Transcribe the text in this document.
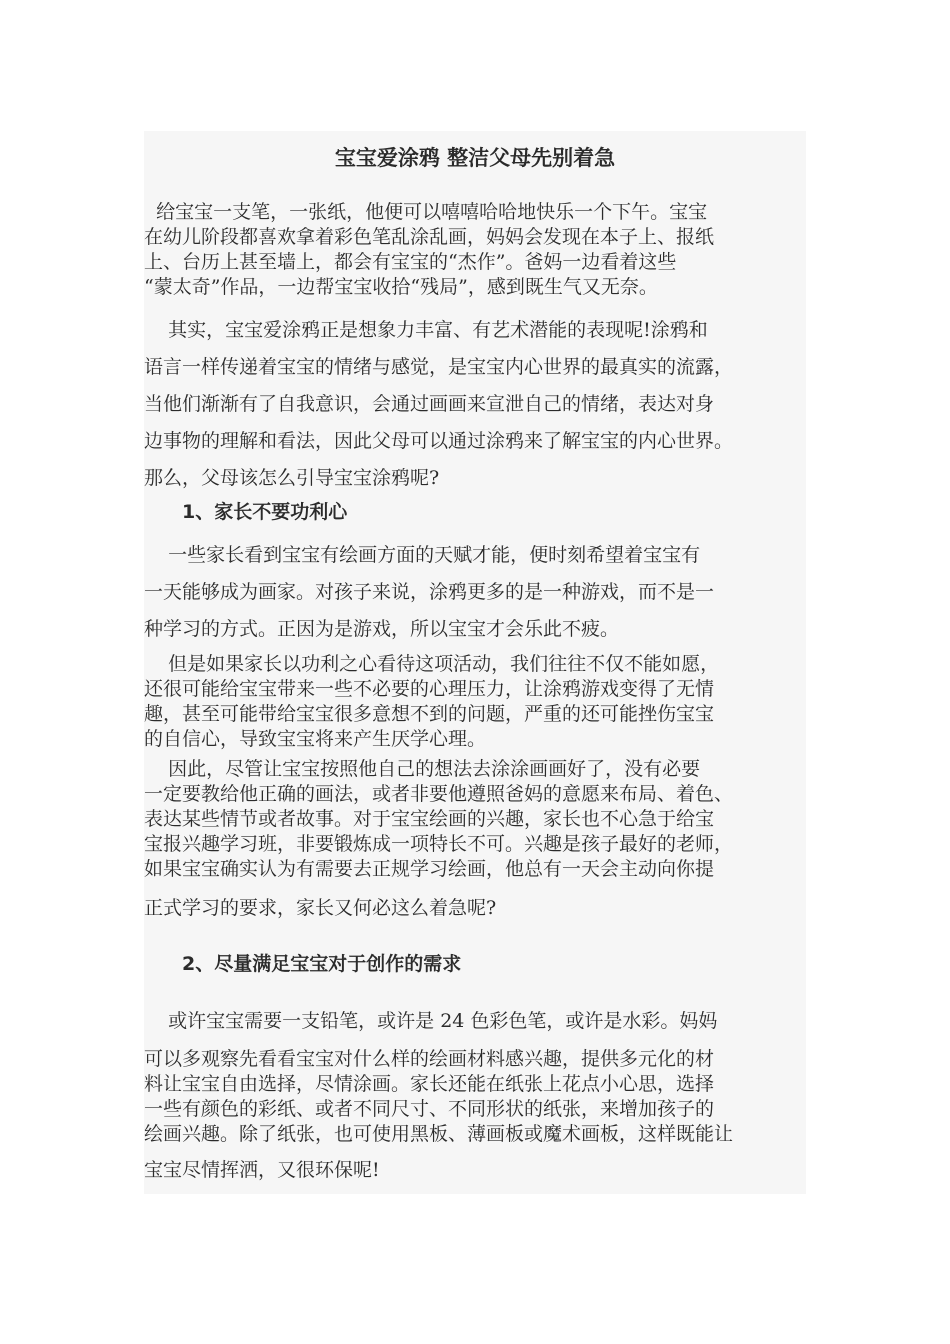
宝宝爱涂鸦 整洁父母先别着急
给宝宝一支笔，一张纸，他便可以嘻嘻哈哈地快乐一个下午。宝宝
在幼儿阶段都喜欢拿着彩色笔乱涂乱画，妈妈会发现在本子上、报纸
上、台历上甚至墙上，都会有宝宝的“杰作”。爸妈一边看着这些
“蒙太奇”作品，一边帮宝宝收拾“残局”，感到既生气又无奈。
其实，宝宝爱涂鸦正是想象力丰富、有艺术潜能的表现呢!涂鸦和
语言一样传递着宝宝的情绪与感觉，是宝宝内心世界的最真实的流露，
当他们渐渐有了自我意识，会通过画画来宣泄自己的情绪，表达对身
边事物的理解和看法，因此父母可以通过涂鸦来了解宝宝的内心世界。
那么，父母该怎么引导宝宝涂鸦呢?
1、家长不要功利心
一些家长看到宝宝有绘画方面的天赋才能，便时刻希望着宝宝有
一天能够成为画家。对孩子来说，涂鸦更多的是一种游戏，而不是一
种学习的方式。正因为是游戏，所以宝宝才会乐此不疲。
但是如果家长以功利之心看待这项活动，我们往往不仅不能如愿，
还很可能给宝宝带来一些不必要的心理压力，让涂鸦游戏变得了无情
趣，甚至可能带给宝宝很多意想不到的问题，严重的还可能挫伤宝宝
的自信心，导致宝宝将来产生厌学心理。
因此，尽管让宝宝按照他自己的想法去涂涂画画好了，没有必要
一定要教给他正确的画法，或者非要他遵照爸妈的意愿来布局、着色、
表达某些情节或者故事。对于宝宝绘画的兴趣，家长也不心急于给宝
宝报兴趣学习班，非要锻炼成一项特长不可。兴趣是孩子最好的老师，
如果宝宝确实认为有需要去正规学习绘画，他总有一天会主动向你提
正式学习的要求，家长又何必这么着急呢?
2、尽量满足宝宝对于创作的需求
或许宝宝需要一支铅笔，或许是 24 色彩色笔，或许是水彩。妈妈
可以多观察先看看宝宝对什么样的绘画材料感兴趣，提供多元化的材
料让宝宝自由选择，尽情涂画。家长还能在纸张上花点小心思，选择
一些有颜色的彩纸、或者不同尺寸、不同形状的纸张，来增加孩子的
绘画兴趣。除了纸张，也可使用黑板、薄画板或魔术画板，这样既能让
宝宝尽情挥洒，又很环保呢!
